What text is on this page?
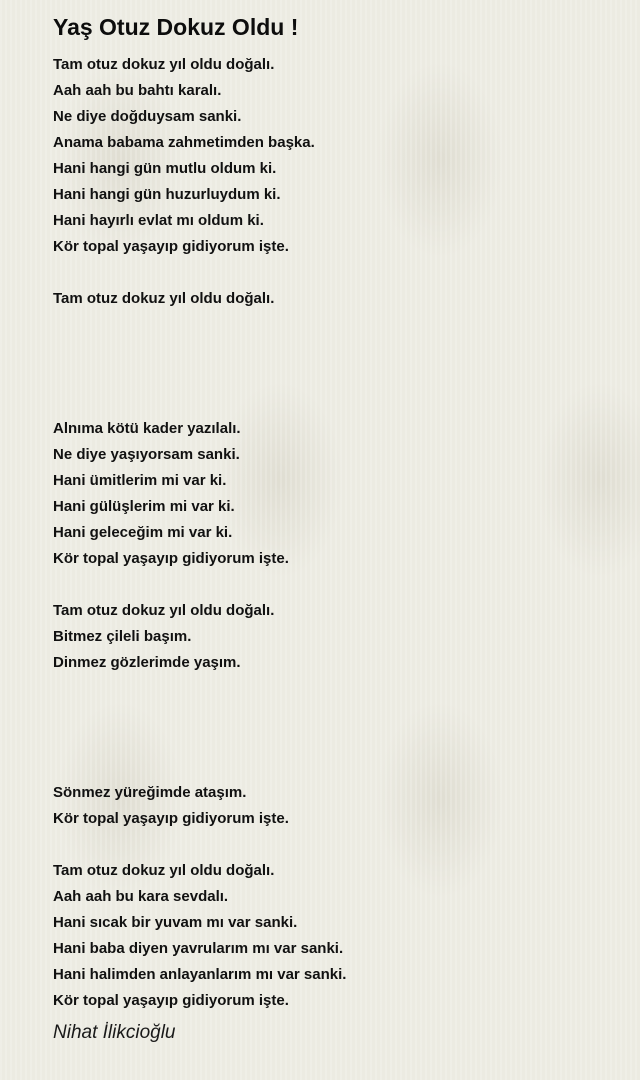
Yaş Otuz Dokuz Oldu !
Tam otuz dokuz yıl oldu doğalı.
Aah aah bu bahtı karalı.
Ne diye doğduysam sanki.
Anama babama zahmetimden başka.
Hani hangi gün mutlu oldum ki.
Hani hangi gün huzurluydum ki.
Hani hayırlı evlat mı oldum ki.
Kör topal yaşayıp gidiyorum işte.
Tam otuz dokuz yıl oldu doğalı.
Alnıma kötü kader yazılalı.
Ne diye yaşıyorsam sanki.
Hani ümitlerim mi var ki.
Hani gülüşlerim mi var ki.
Hani geleceğim mi var ki.
Kör topal yaşayıp gidiyorum işte.
Tam otuz dokuz yıl oldu doğalı.
Bitmez çileli başım.
Dinmez gözlerimde yaşım.
Sönmez yüreğimde ataşım.
Kör topal yaşayıp gidiyorum işte.
Tam otuz dokuz yıl oldu doğalı.
Aah aah bu kara sevdalı.
Hani sıcak bir yuvam mı var sanki.
Hani baba diyen yavrularım mı var sanki.
Hani halimden anlayanlarım mı var sanki.
Kör topal yaşayıp gidiyorum işte.
Nihat İlikcioğlu
